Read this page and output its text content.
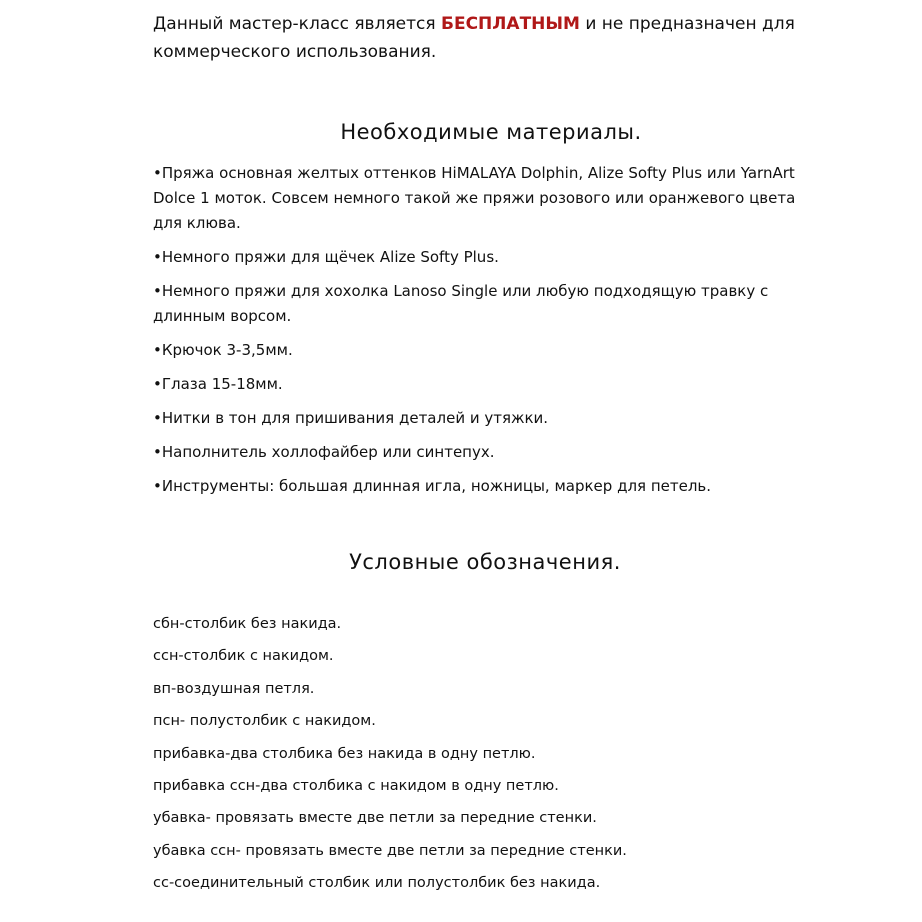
Данный мастер-класс является БЕСПЛАТНЫМ и не предназначен для коммерческого использования.
Необходимые материалы.
•Пряжа основная желтых оттенков HiMALAYA Dolphin, Alize Softy Plus или YarnArt Dolce 1 моток. Совсем немного такой же пряжи розового или оранжевого цвета для клюва.
•Немного пряжи для щёчек Alize Softy Plus.
•Немного пряжи для хохолка Lanoso Single или любую подходящую травку с длинным ворсом.
•Крючок 3-3,5мм.
•Глаза 15-18мм.
•Нитки в тон для пришивания деталей и утяжки.
•Наполнитель холлофайбер или синтепух.
•Инструменты: большая длинная игла, ножницы, маркер для петель.
Условные обозначения.
сбн-столбик без накида.
ссн-столбик с накидом.
вп-воздушная петля.
псн- полустолбик с накидом.
прибавка-два столбика без накида в одну петлю.
прибавка ссн-два столбика с накидом в одну петлю.
убавка- провязать вместе две петли за передние стенки.
убавка ссн- провязать вместе две петли за передние стенки.
сс-соединительный столбик или полустолбик без накида.
